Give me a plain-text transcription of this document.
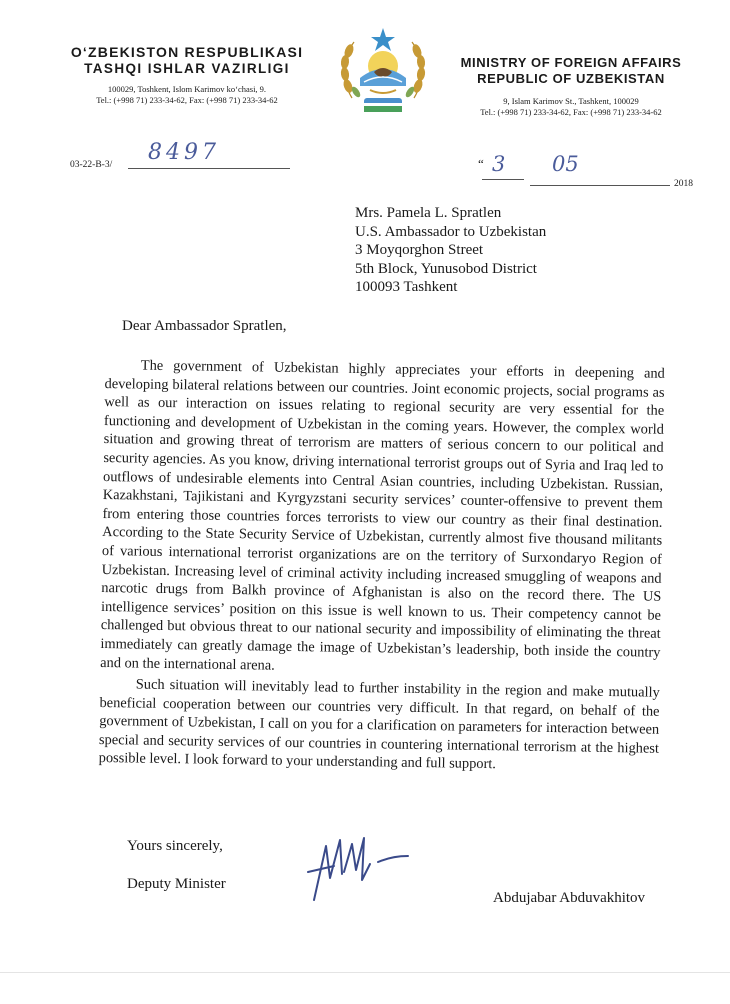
O‘ZBEKISTON RESPUBLIKASI
TASHQI ISHLAR VAZIRLIGI
100029, Toshkent, Islom Karimov ko‘chasi, 9.
Tel.: (+998 71) 233-34-62, Fax: (+998 71) 233-34-62
MINISTRY OF FOREIGN AFFAIRS
REPUBLIC OF UZBEKISTAN
9, Islam Karimov St., Tashkent, 100029
Tel.: (+998 71) 233-34-62, Fax: (+998 71) 233-34-62
03-22-B-3/ 8497	“ 3 05
2018
Mrs. Pamela L. Spratlen
U.S. Ambassador to Uzbekistan
3 Moyqorghon Street
5th Block, Yunusobod District
100093 Tashkent
Dear Ambassador Spratlen,

The government of Uzbekistan highly appreciates your efforts in deepening and developing bilateral relations between our countries. Joint economic projects, social programs as well as our interaction on issues relating to regional security are very essential for the functioning and development of Uzbekistan in the coming years. However, the complex world situation and growing threat of terrorism are matters of serious concern to our political and security agencies. As you know, driving international terrorist groups out of Syria and Iraq led to outflows of undesirable elements into Central Asian countries, including Uzbekistan. Russian, Kazakhstani, Tajikistani and Kyrgyzstani security services’ counter-offensive to prevent them from entering those countries forces terrorists to view our country as their final destination. According to the State Security Service of Uzbekistan, currently almost five thousand militants of various international terrorist organizations are on the territory of Surxondaryo Region of Uzbekistan. Increasing level of criminal activity including increased smuggling of weapons and narcotic drugs from Balkh province of Afghanistan is also on the record there. The US intelligence services’ position on this issue is well known to us. Their competency cannot be challenged but obvious threat to our national security and impossibility of eliminating the threat immediately can greatly damage the image of Uzbekistan’s leadership, both inside the country and on the international arena.

Such situation will inevitably lead to further instability in the region and make mutually beneficial cooperation between our countries very difficult. In that regard, on behalf of the government of Uzbekistan, I call on you for a clarification on parameters for interaction between special and security services of our countries in countering international terrorism at the highest possible level. I look forward to your understanding and full support.

Yours sincerely,
Deputy Minister
Abdujabar Abduvakhitov
